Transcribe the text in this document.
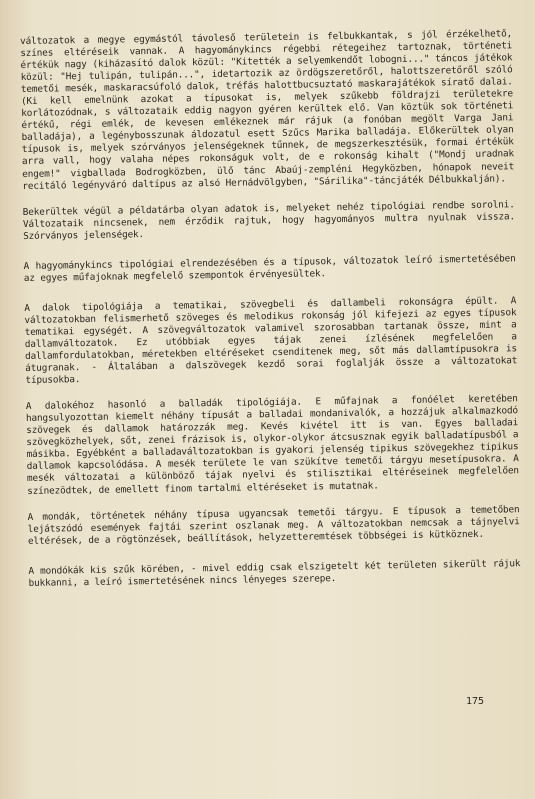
változatok a megye egymástól távoleső területein is felbukkantak, s jól érzékelhető, színes eltéréseik vannak. A hagyománykincs régebbi rétegeihez tartoznak, történeti értékük nagy (kiházasító dalok közül: "Kitették a selyemkendőt lobogni..." táncos játékok közül: "Hej tulipán, tulipán...", idetartozik az ördögszeretőről, halottszeretőről szóló temetői mesék, maskaracsúfoló dalok, tréfás halottbucsuztató maskarajátékok síratő dalai. (Ki kell emelnünk azokat a típusokat is, melyek szűkebb földrajzi területekre korlátozódnak, s változataik eddig nagyon gyéren kerültek elő. Van köztük sok történeti értékű, régi emlék, de kevesen emlékeznek már rájuk (a fonóban megölt Varga Jani balladája), a legénybosszunak áldozatul esett Szűcs Marika balladája. Előkerültek olyan típusok is, melyek szórványos jelenségeknek tűnnek, de megszerkesztésük, formai értékük arra vall, hogy valaha népes rokonságuk volt, de e rokonság kihalt ("Mondj uradnak engem!" vigballada Bodrogközben, ülő tánc Abaúj-zempléni Hegyközben, hónapok neveit recitáló legényváró daltípus az alsó Hernádvölgyben, "Sárilika"-táncjáték Délbukkalján).

Bekerültek végül a példatárba olyan adatok is, melyeket nehéz tipológiai rendbe sorolni. Változataik nincsenek, nem érződik rajtuk, hogy hagyományos multra nyulnak vissza. Szórványos jelenségek.

A hagyománykincs tipológiai elrendezésében és a típusok, változatok leíró ismertetésében az egyes műfajoknak megfelelő szempontok érvényesültek.

A dalok tipológiája a tematikai, szövegbeli és dallambeli rokonságra épült. A változatokban felismerhető szöveges és melodikus rokonság jól kifejezi az egyes típusok tematikai egységét. A szövegváltozatok valamivel szorosabban tartanak össze, mint a dallamváltozatok. Ez utóbbiak egyes tájak zenei ízlésének megfelelően a dallamfordulatokban, méretekben eltéréseket csenditenek meg, sőt más dallamtípusokra is átugranak. - Általában a dalszövegek kezdő sorai foglalják össze a változatokat típusokba.

A dalokéhoz hasonló a balladák tipológiája. E műfajnak a fonóélet keretében hangsulyozottan kiemelt néhány típusát a balladai mondanivalók, a hozzájuk alkalmazkodó szövegek és dallamok határozzák meg. Kevés kivétel itt is van. Egyes balladai szövegközhelyek, sőt, zenei frázisok is, olykor-olykor átcsusznak egyik balladatípusból a másikba. Egyébként a balladaváltozatokban is gyakori jelenség tipikus szövegekhez tipikus dallamok kapcsolódása. A mesék területe le van szükítve temetői tárgyu mesetípusokra. A mesék változatai a különböző tájak nyelvi és stilisztikai eltéréseinek megfelelően színezödtek, de emellett finom tartalmi eltéréseket is mutatnak.

A mondák, történetek néhány típusa ugyancsak temetői tárgyu. E típusok a temetőben lejátszódó események fajtái szerint oszlanak meg. A változatokban nemcsak a tájnyelvi eltérések, de a rögtönzések, beállítások, helyzetteremtések többségei is kütköznek.

A mondókák kis szűk körében, - mivel eddig csak elszigetelt két területen sikerült rájuk bukkanni, a leíró ismertetésének nincs lényeges szerepe.

175
